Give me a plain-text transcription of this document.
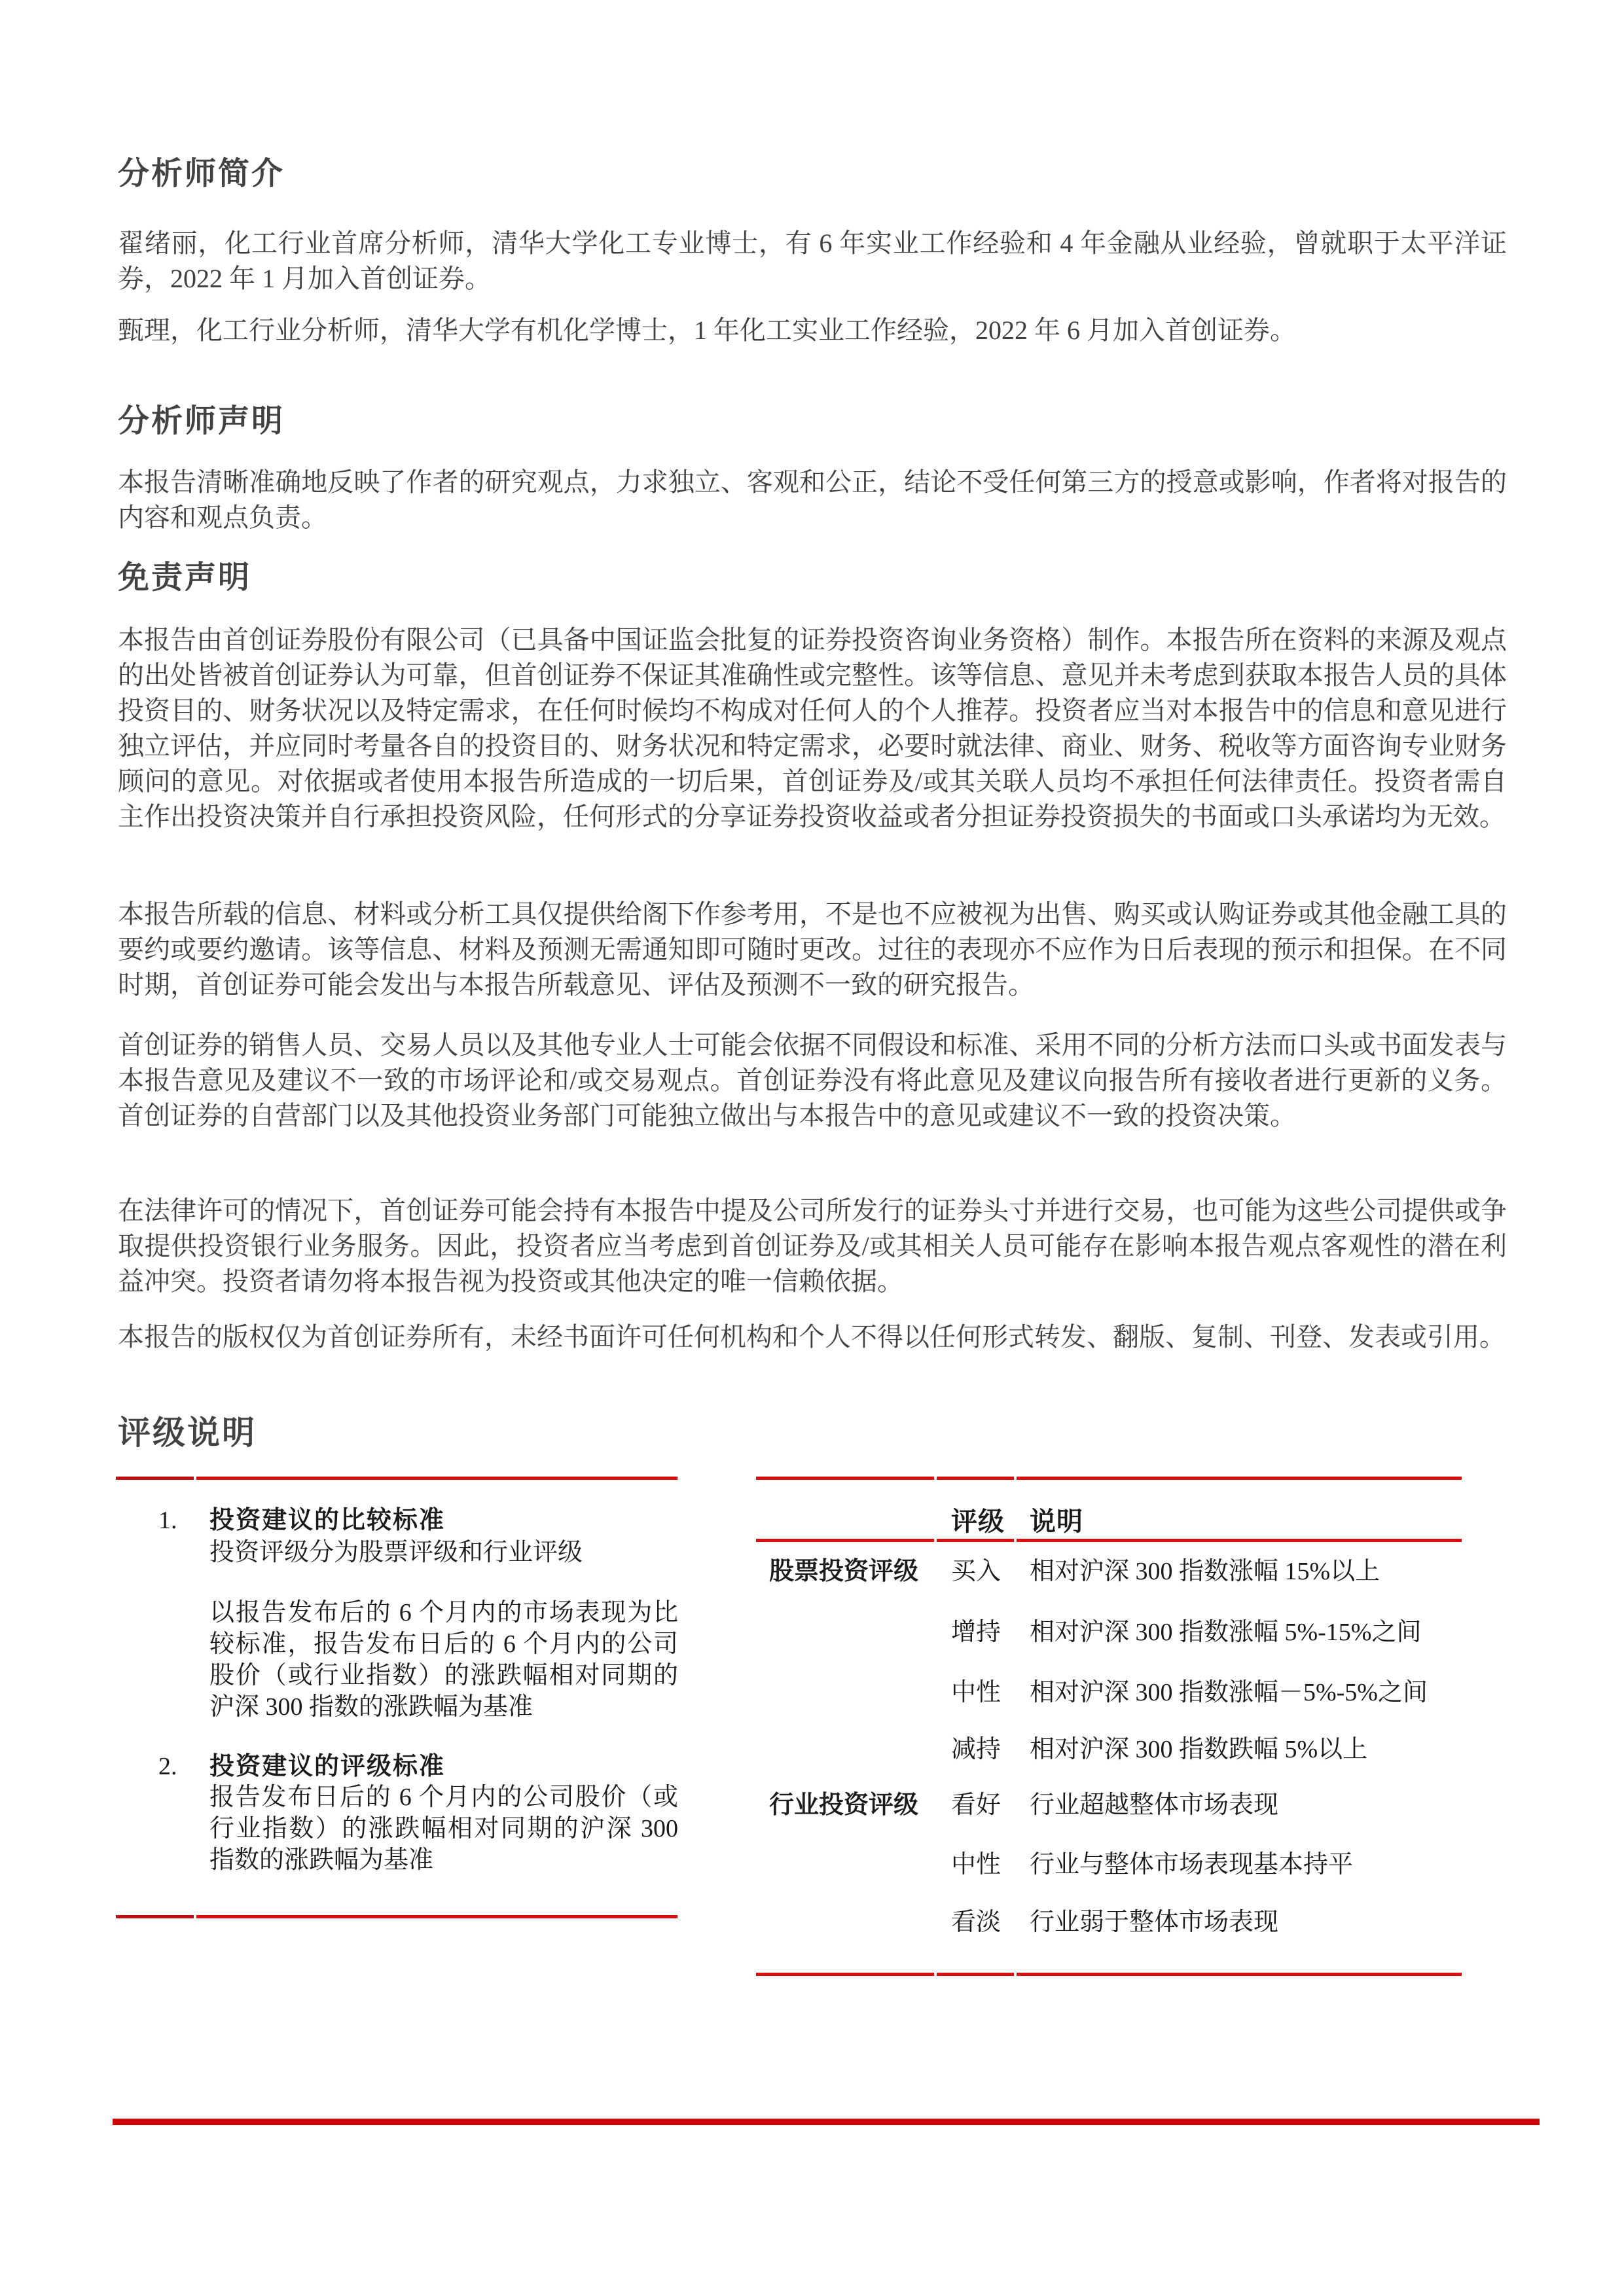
分析师简介
翟绪丽，化工行业首席分析师，清华大学化工专业博士，有 6 年实业工作经验和 4 年金融从业经验，曾就职于太平洋证券，2022 年 1 月加入首创证券。
甄理，化工行业分析师，清华大学有机化学博士，1 年化工实业工作经验，2022 年 6 月加入首创证券。
分析师声明
本报告清晰准确地反映了作者的研究观点，力求独立、客观和公正，结论不受任何第三方的授意或影响，作者将对报告的内容和观点负责。
免责声明
本报告由首创证券股份有限公司（已具备中国证监会批复的证券投资咨询业务资格）制作。本报告所在资料的来源及观点的出处皆被首创证券认为可靠，但首创证券不保证其准确性或完整性。该等信息、意见并未考虑到获取本报告人员的具体投资目的、财务状况以及特定需求，在任何时候均不构成对任何人的个人推荐。投资者应当对本报告中的信息和意见进行独立评估，并应同时考量各自的投资目的、财务状况和特定需求，必要时就法律、商业、财务、税收等方面咨询专业财务顾问的意见。对依据或者使用本报告所造成的一切后果，首创证券及/或其关联人员均不承担任何法律责任。投资者需自主作出投资决策并自行承担投资风险，任何形式的分享证券投资收益或者分担证券投资损失的书面或口头承诺均为无效。
本报告所载的信息、材料或分析工具仅提供给阁下作参考用，不是也不应被视为出售、购买或认购证券或其他金融工具的要约或要约邀请。该等信息、材料及预测无需通知即可随时更改。过往的表现亦不应作为日后表现的预示和担保。在不同时期，首创证券可能会发出与本报告所载意见、评估及预测不一致的研究报告。
首创证券的销售人员、交易人员以及其他专业人士可能会依据不同假设和标准、采用不同的分析方法而口头或书面发表与本报告意见及建议不一致的市场评论和/或交易观点。首创证券没有将此意见及建议向报告所有接收者进行更新的义务。首创证券的自营部门以及其他投资业务部门可能独立做出与本报告中的意见或建议不一致的投资决策。
在法律许可的情况下，首创证券可能会持有本报告中提及公司所发行的证券头寸并进行交易，也可能为这些公司提供或争取提供投资银行业务服务。因此，投资者应当考虑到首创证券及/或其相关人员可能存在影响本报告观点客观性的潜在利益冲突。投资者请勿将本报告视为投资或其他决定的唯一信赖依据。
本报告的版权仅为首创证券所有，未经书面许可任何机构和个人不得以任何形式转发、翻版、复制、刊登、发表或引用。
评级说明
1.	投资建议的比较标准
投资评级分为股票评级和行业评级
以报告发布后的 6 个月内的市场表现为比较标准，报告发布日后的 6 个月内的公司股价（或行业指数）的涨跌幅相对同期的沪深 300 指数的涨跌幅为基准
2.	投资建议的评级标准
报告发布日后的 6 个月内的公司股价（或行业指数）的涨跌幅相对同期的沪深 300 指数的涨跌幅为基准
评级 说明
股票投资评级 买入	相对沪深 300 指数涨幅 15%以上
增持	相对沪深 300 指数涨幅 5%-15%之间
中性	相对沪深 300 指数涨幅－5%-5%之间
减持	相对沪深 300 指数跌幅 5%以上
行业投资评级 看好	行业超越整体市场表现
中性	行业与整体市场表现基本持平
看淡	行业弱于整体市场表现
